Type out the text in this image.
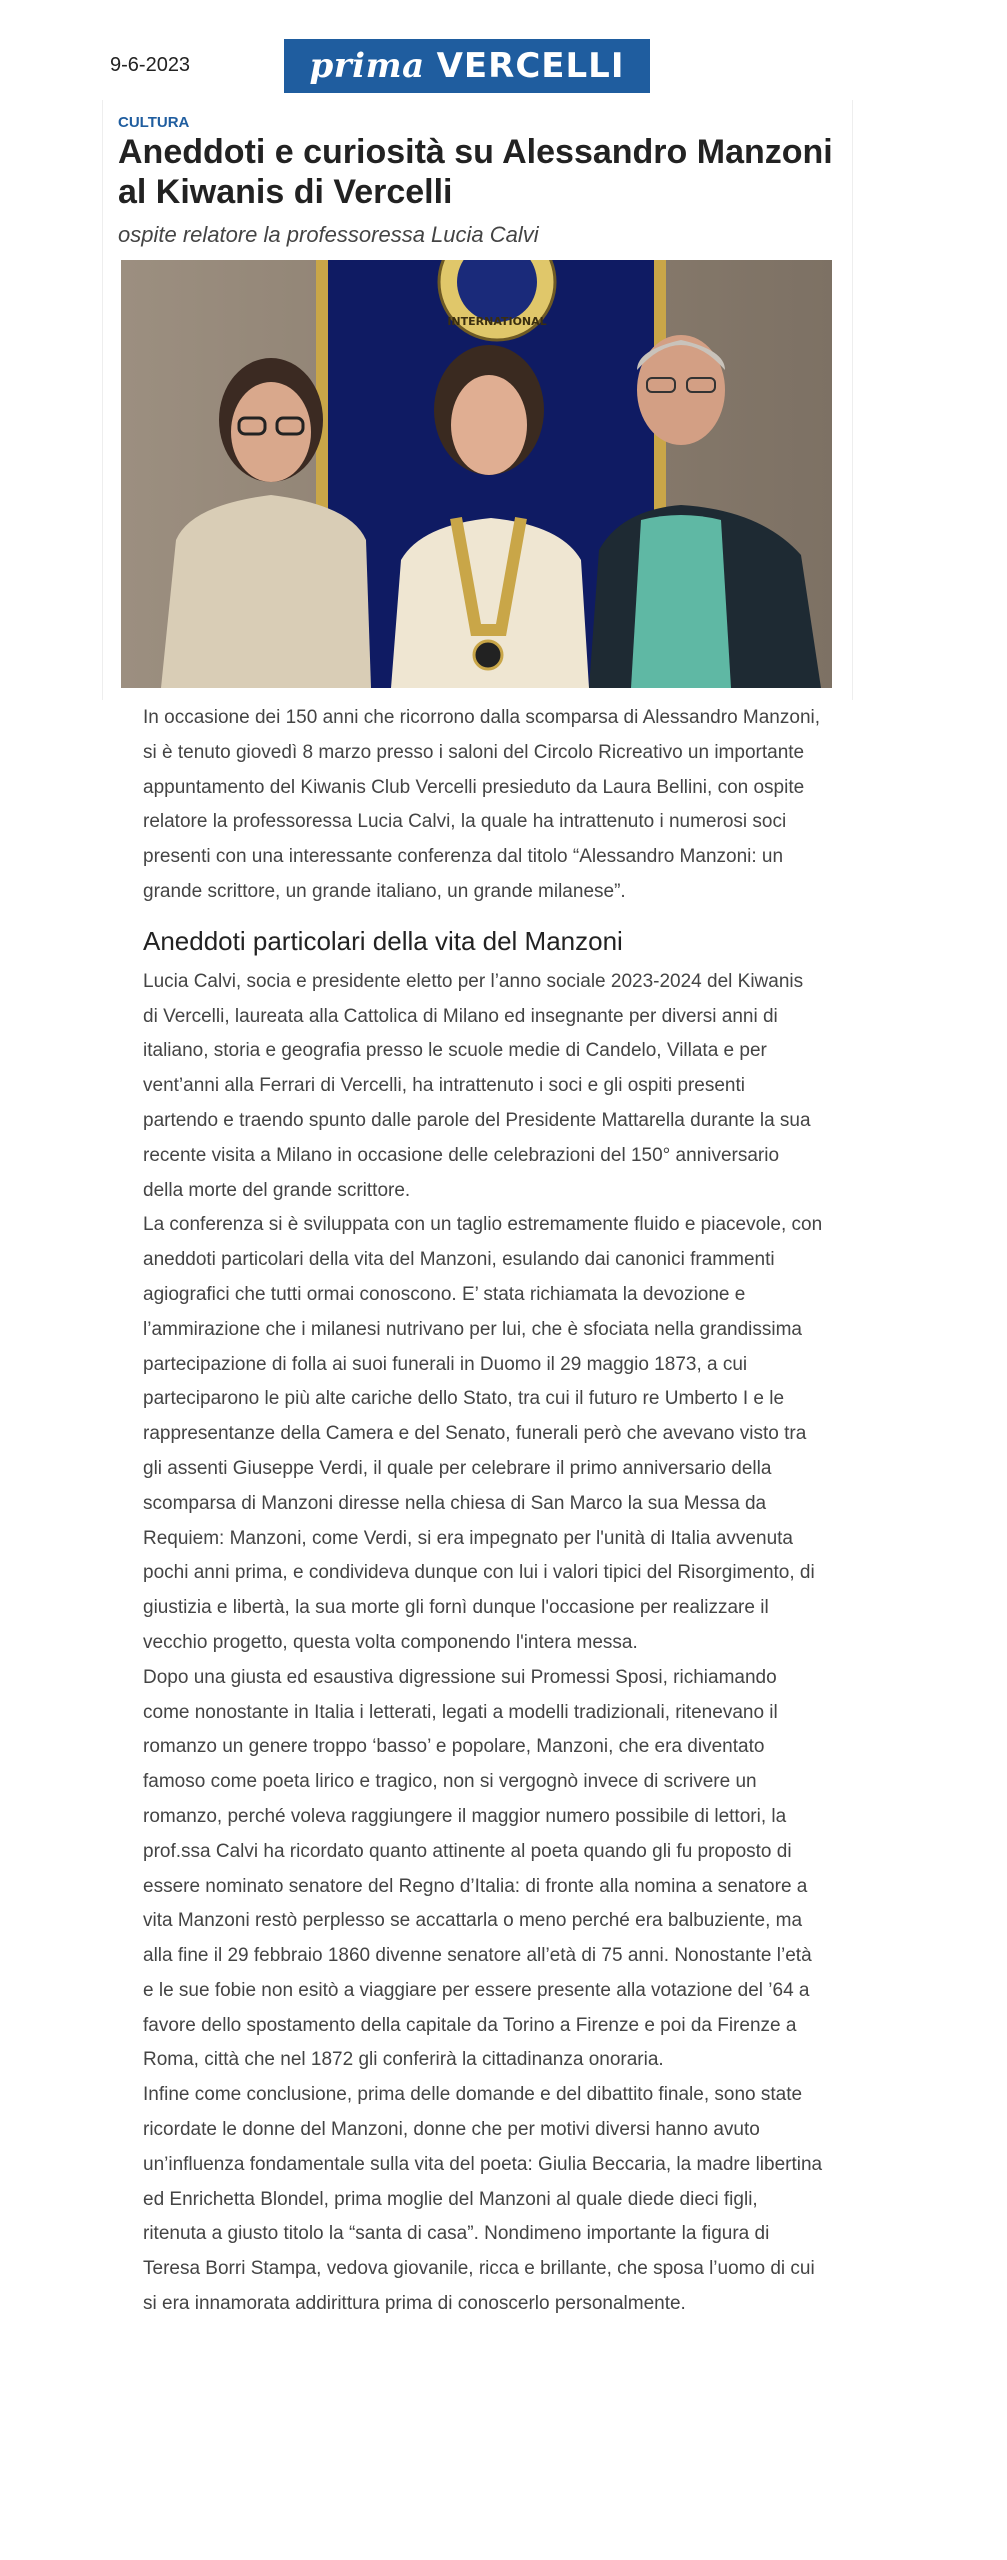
9-6-2023	prima VERCELLI
CULTURA
Aneddoti e curiosità su Alessandro Manzoni al Kiwanis di Vercelli
ospite relatore la professoressa Lucia Calvi
INTERNATIONAL

In occasione dei 150 anni che ricorrono dalla scomparsa di Alessandro Manzoni, si è tenuto giovedì 8 marzo presso i saloni del Circolo Ricreativo un importante appuntamento del Kiwanis Club Vercelli presieduto da Laura Bellini, con ospite relatore la professoressa Lucia Calvi, la quale ha intrattenuto i numerosi soci presenti con una interessante conferenza dal titolo “Alessandro Manzoni: un grande scrittore, un grande italiano, un grande milanese”.

Aneddoti particolari della vita del Manzoni

Lucia Calvi, socia e presidente eletto per l’anno sociale 2023-2024 del Kiwanis di Vercelli, laureata alla Cattolica di Milano ed insegnante per diversi anni di italiano, storia e geografia presso le scuole medie di Candelo, Villata e per vent’anni alla Ferrari di Vercelli, ha intrattenuto i soci e gli ospiti presenti partendo e traendo spunto dalle parole del Presidente Mattarella durante la sua recente visita a Milano in occasione delle celebrazioni del 150° anniversario della morte del grande scrittore.

La conferenza si è sviluppata con un taglio estremamente fluido e piacevole, con aneddoti particolari della vita del Manzoni, esulando dai canonici frammenti agiografici che tutti ormai conoscono. E’ stata richiamata la devozione e l’ammirazione che i milanesi nutrivano per lui, che è sfociata nella grandissima partecipazione di folla ai suoi funerali in Duomo il 29 maggio 1873, a cui parteciparono le più alte cariche dello Stato, tra cui il futuro re Umberto I e le rappresentanze della Camera e del Senato, funerali però che avevano visto tra gli assenti Giuseppe Verdi, il quale per celebrare il primo anniversario della scomparsa di Manzoni diresse nella chiesa di San Marco la sua Messa da Requiem: Manzoni, come Verdi, si era impegnato per l'unità di Italia avvenuta pochi anni prima, e condivideva dunque con lui i valori tipici del Risorgimento, di giustizia e libertà, la sua morte gli fornì dunque l'occasione per realizzare il vecchio progetto, questa volta componendo l'intera messa.

Dopo una giusta ed esaustiva digressione sui Promessi Sposi, richiamando come nonostante in Italia i letterati, legati a modelli tradizionali, ritenevano il romanzo un genere troppo ‘basso’ e popolare, Manzoni, che era diventato famoso come poeta lirico e tragico, non si vergognò invece di scrivere un romanzo, perché voleva raggiungere il maggior numero possibile di lettori, la prof.ssa Calvi ha ricordato quanto attinente al poeta quando gli fu proposto di essere nominato senatore del Regno d’Italia: di fronte alla nomina a senatore a vita Manzoni restò perplesso se accattarla o meno perché era balbuziente, ma alla fine il 29 febbraio 1860 divenne senatore all’età di 75 anni. Nonostante l’età e le sue fobie non esitò a viaggiare per essere presente alla votazione del ’64 a favore dello spostamento della capitale da Torino a Firenze e poi da Firenze a Roma, città che nel 1872 gli conferirà la cittadinanza onoraria.

Infine come conclusione, prima delle domande e del dibattito finale, sono state ricordate le donne del Manzoni, donne che per motivi diversi hanno avuto un’influenza fondamentale sulla vita del poeta: Giulia Beccaria, la madre libertina ed Enrichetta Blondel, prima moglie del Manzoni al quale diede dieci figli, ritenuta a giusto titolo la “santa di casa”. Nondimeno importante la figura di Teresa Borri Stampa, vedova giovanile, ricca e brillante, che sposa l’uomo di cui si era innamorata addirittura prima di conoscerlo personalmente.
